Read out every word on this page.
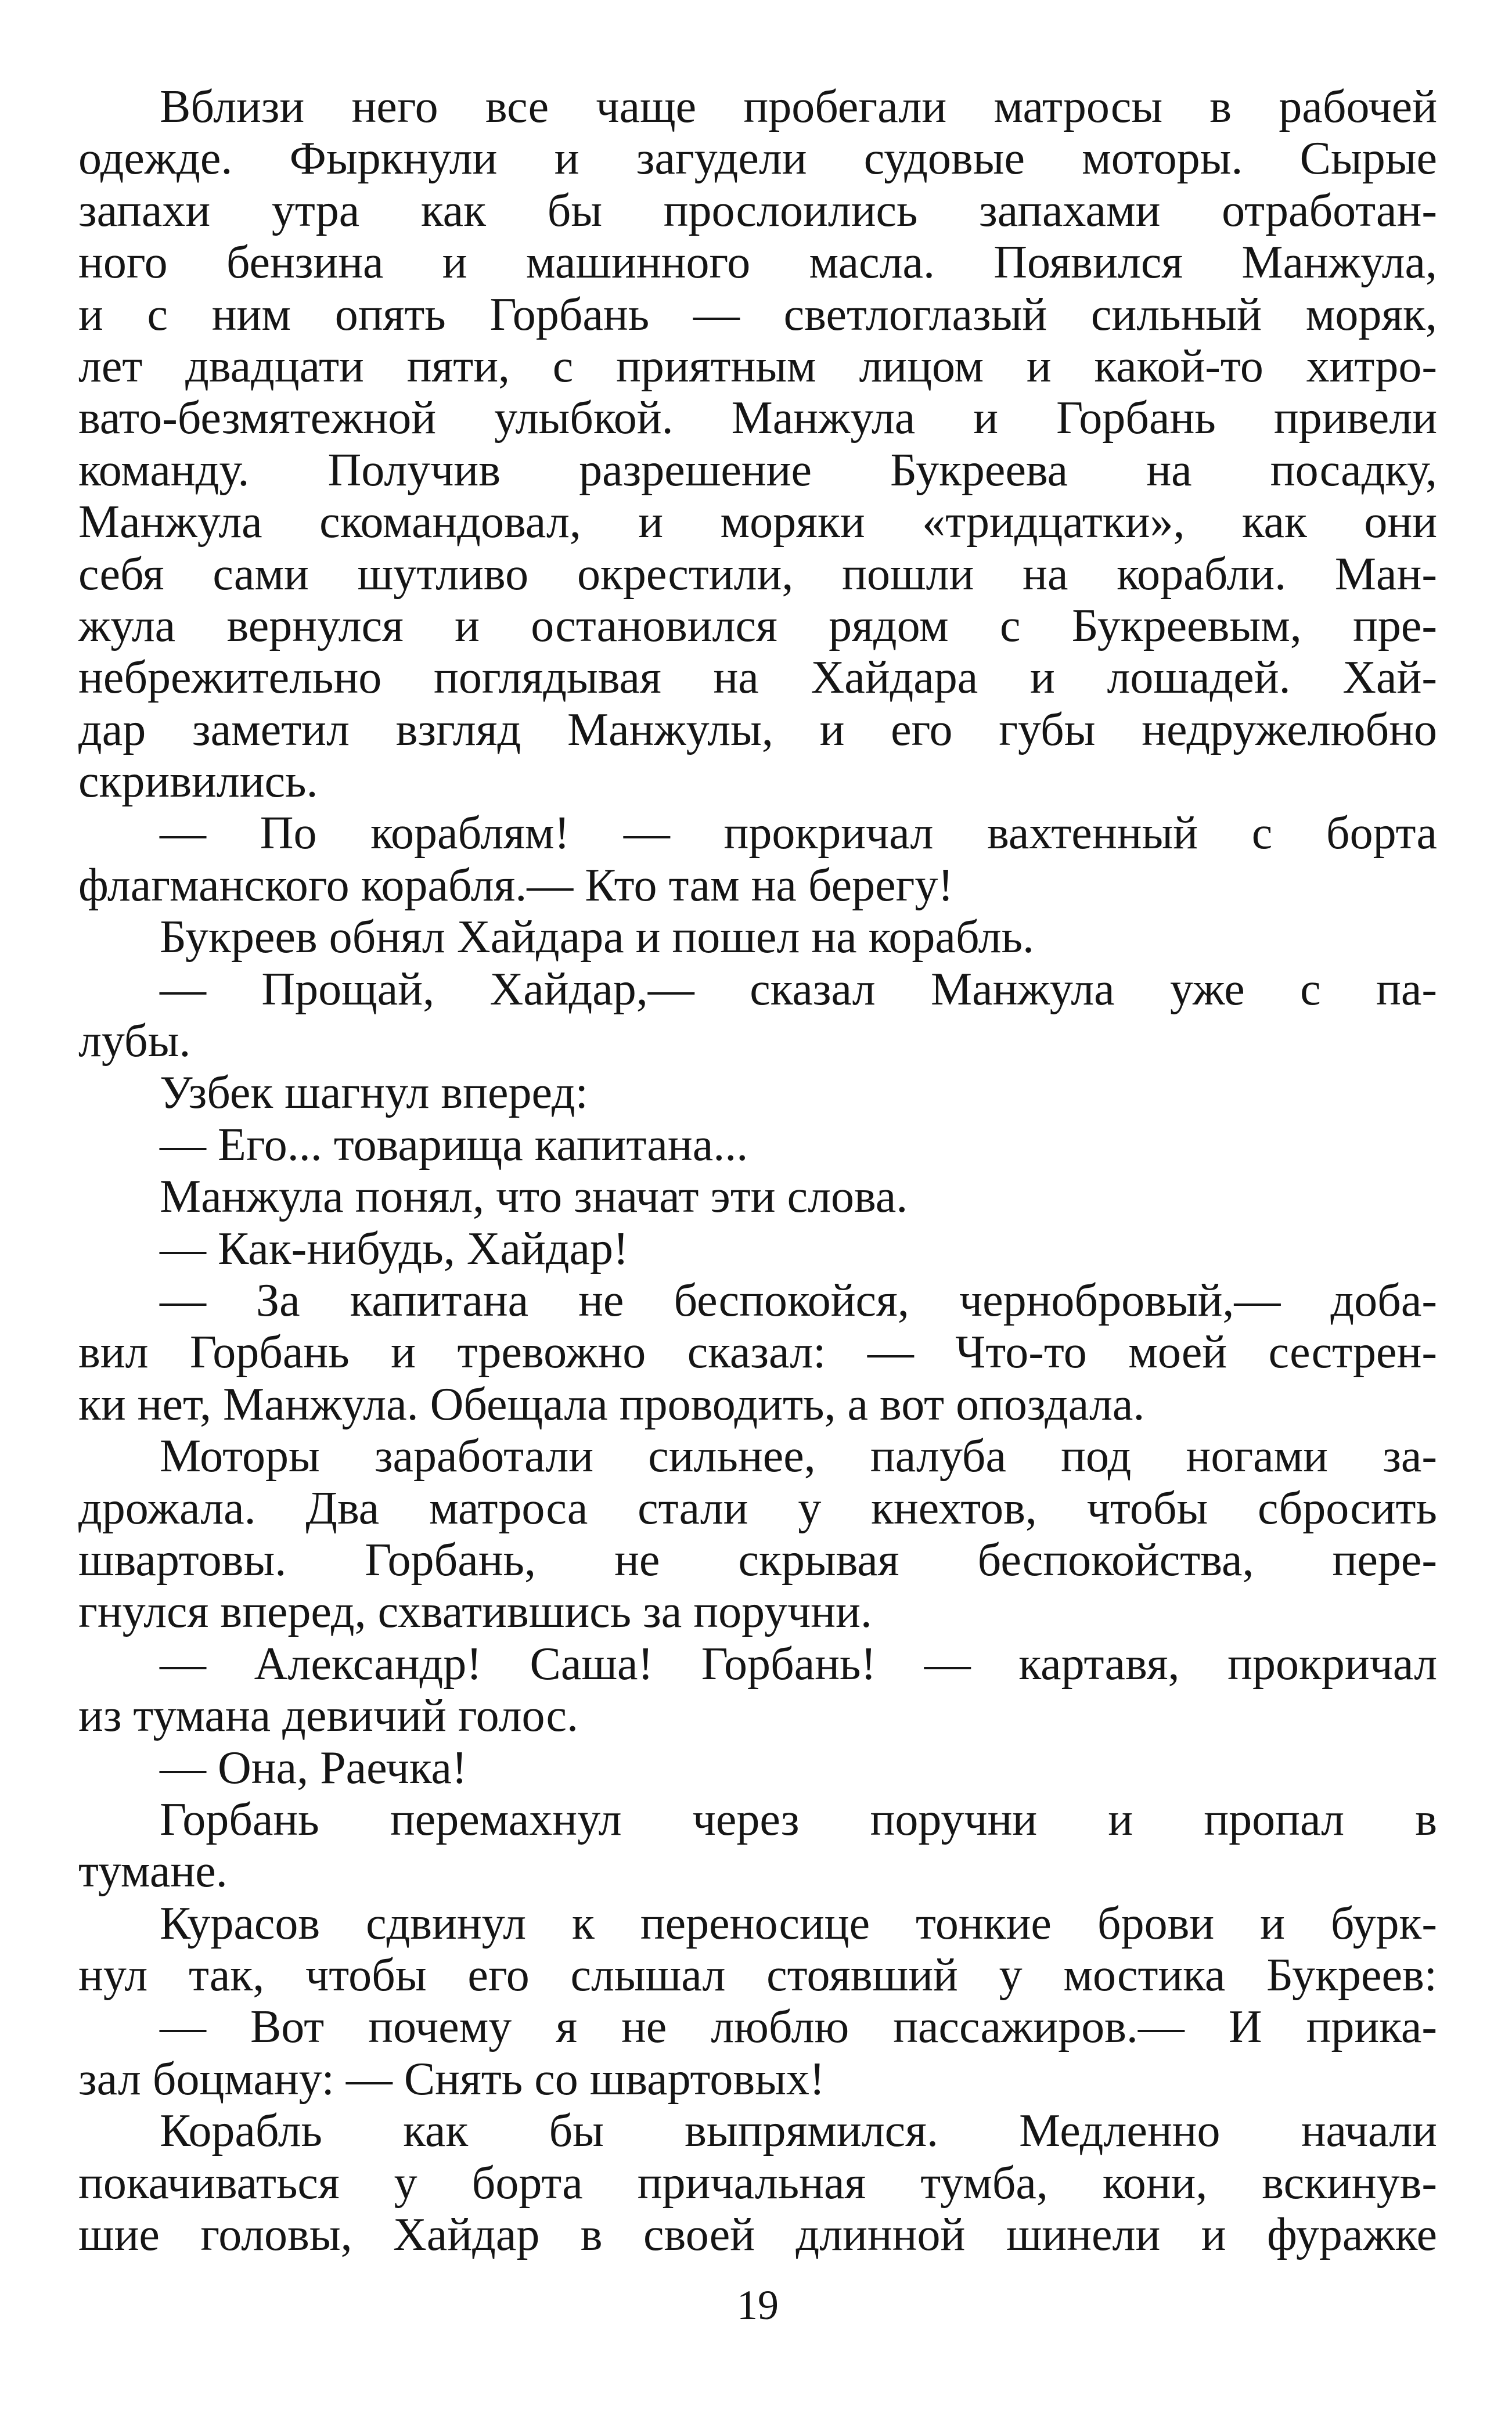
Вблизи него все чаще пробегали матросы в рабочей
одежде. Фыркнули и загудели судовые моторы. Сырые
запахи утра как бы прослоились запахами отработан-
ного бензина и машинного масла. Появился Манжула,
и с ним опять Горбань — светлоглазый сильный моряк,
лет двадцати пяти, с приятным лицом и какой-то хитро-
вато-безмятежной улыбкой. Манжула и Горбань привели
команду. Получив разрешение Букреева на посадку,
Манжула скомандовал, и моряки «тридцатки», как они
себя сами шутливо окрестили, пошли на корабли. Ман-
жула вернулся и остановился рядом с Букреевым, пре-
небрежительно поглядывая на Хайдара и лошадей. Хай-
дар заметил взгляд Манжулы, и его губы недружелюбно
скривились.
— По кораблям! — прокричал вахтенный с борта
флагманского корабля.— Кто там на берегу!
Букреев обнял Хайдара и пошел на корабль.
— Прощай, Хайдар,— сказал Манжула уже с па-
лубы.
Узбек шагнул вперед:
— Его... товарища капитана...
Манжула понял, что значат эти слова.
— Как-нибудь, Хайдар!
— За капитана не беспокойся, чернобровый,— доба-
вил Горбань и тревожно сказал: — Что-то моей сестрен-
ки нет, Манжула. Обещала проводить, а вот опоздала.
Моторы заработали сильнее, палуба под ногами за-
дрожала. Два матроса стали у кнехтов, чтобы сбросить
швартовы. Горбань, не скрывая беспокойства, пере-
гнулся вперед, схватившись за поручни.
— Александр! Саша! Горбань! — картавя, прокричал
из тумана девичий голос.
— Она, Раечка!
Горбань перемахнул через поручни и пропал в
тумане.
Курасов сдвинул к переносице тонкие брови и бурк-
нул так, чтобы его слышал стоявший у мостика Букреев:
— Вот почему я не люблю пассажиров.— И прика-
зал боцману: — Снять со швартовых!
Корабль как бы выпрямился. Медленно начали
покачиваться у борта причальная тумба, кони, вскинув-
шие головы, Хайдар в своей длинной шинели и фуражке
19
